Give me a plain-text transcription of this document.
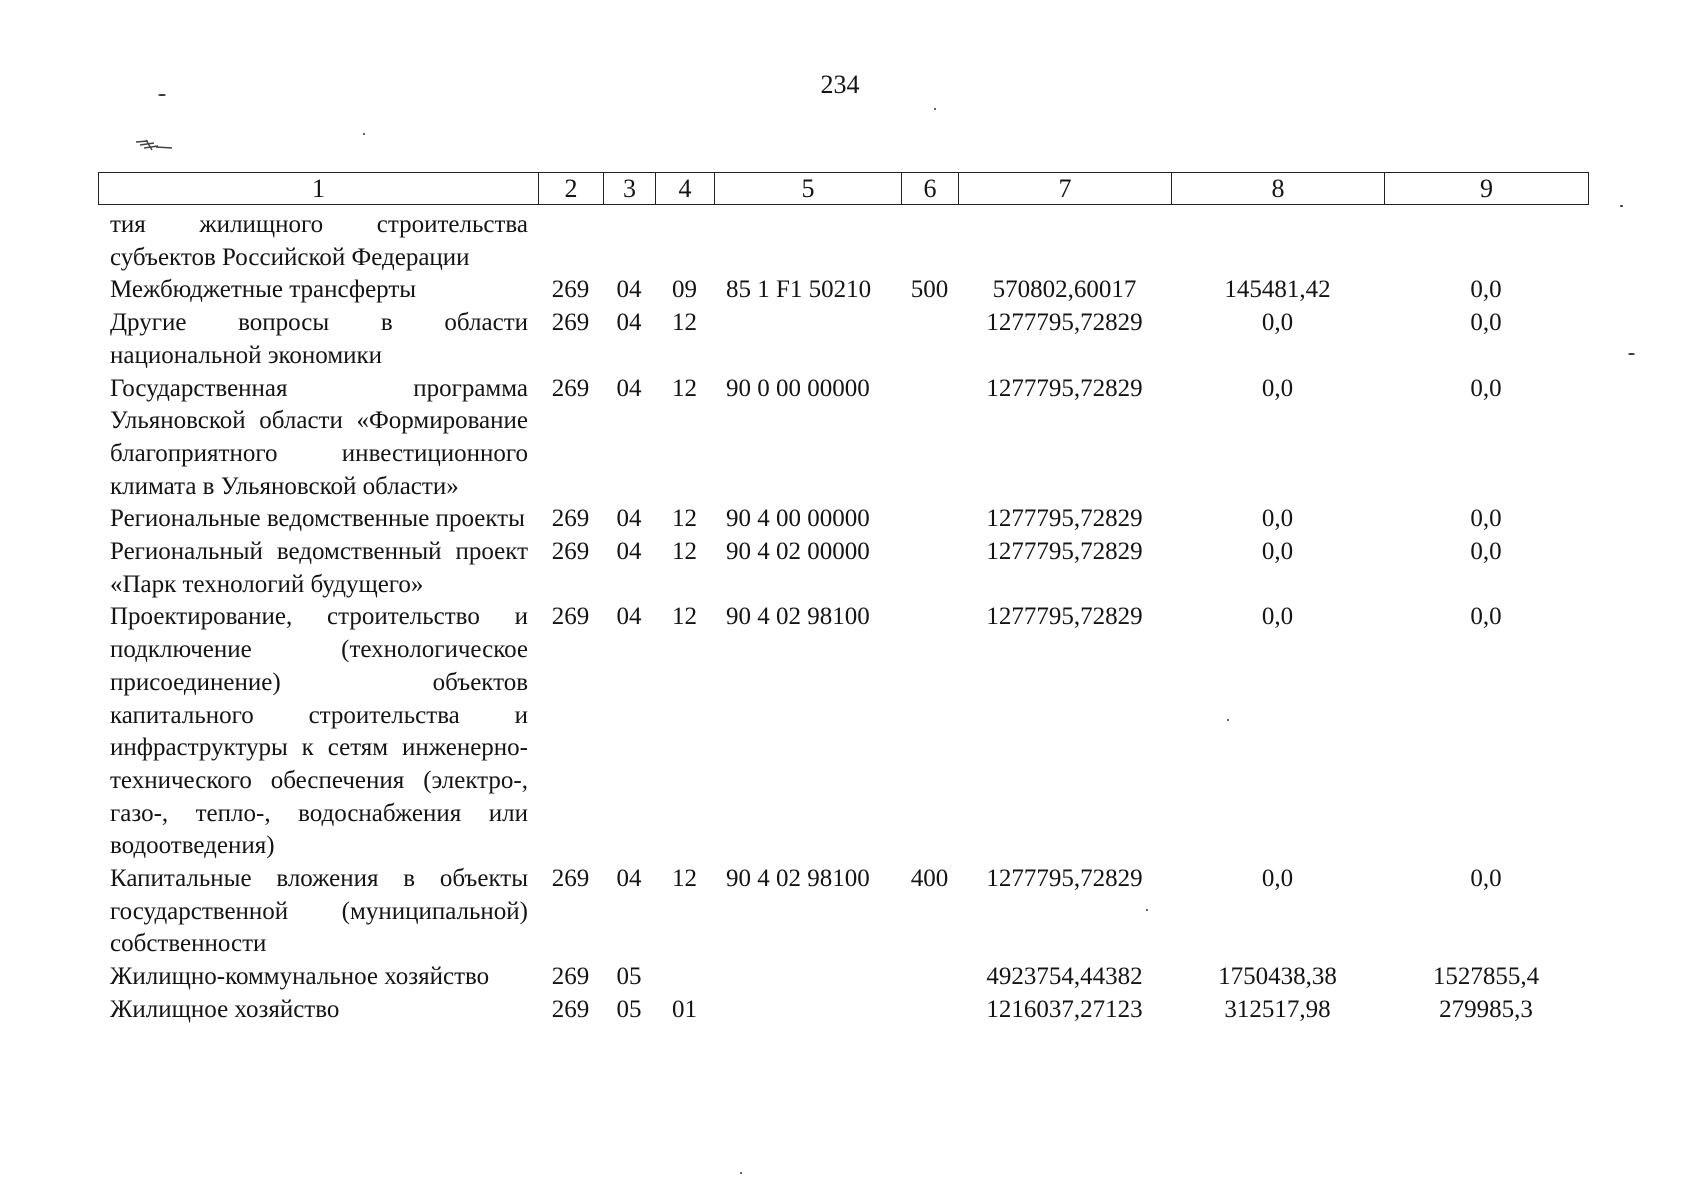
234
1	2	3	4	5	6	7	8	9
тия жилищного строительства субъектов Российской Федерации								
Межбюджетные трансферты	269	04	09	85 1 F1 50210	500	570802,60017	145481,42	0,0
Другие вопросы в области национальной экономики	269	04	12			1277795,72829	0,0	0,0
Государственная программа Ульяновской области «Формирование благоприятного инвестиционного климата в Ульяновской области»	269	04	12	90 0 00 00000		1277795,72829	0,0	0,0
Региональные ведомственные проекты	269	04	12	90 4 00 00000		1277795,72829	0,0	0,0
Региональный ведомственный проект «Парк технологий будущего»	269	04	12	90 4 02 00000		1277795,72829	0,0	0,0
Проектирование, строительство и подключение (технологическое присоединение) объектов капитального строительства и инфраструктуры к сетям инженерно-технического обеспечения (электро-, газо-, тепло-, водоснабжения или водоотведения)	269	04	12	90 4 02 98100		1277795,72829	0,0	0,0
Капитальные вложения в объекты государственной (муниципальной) собственности	269	04	12	90 4 02 98100	400	1277795,72829	0,0	0,0
Жилищно-коммунальное хозяйство	269	05				4923754,44382	1750438,38	1527855,4
Жилищное хозяйство	269	05	01			1216037,27123	312517,98	279985,3
